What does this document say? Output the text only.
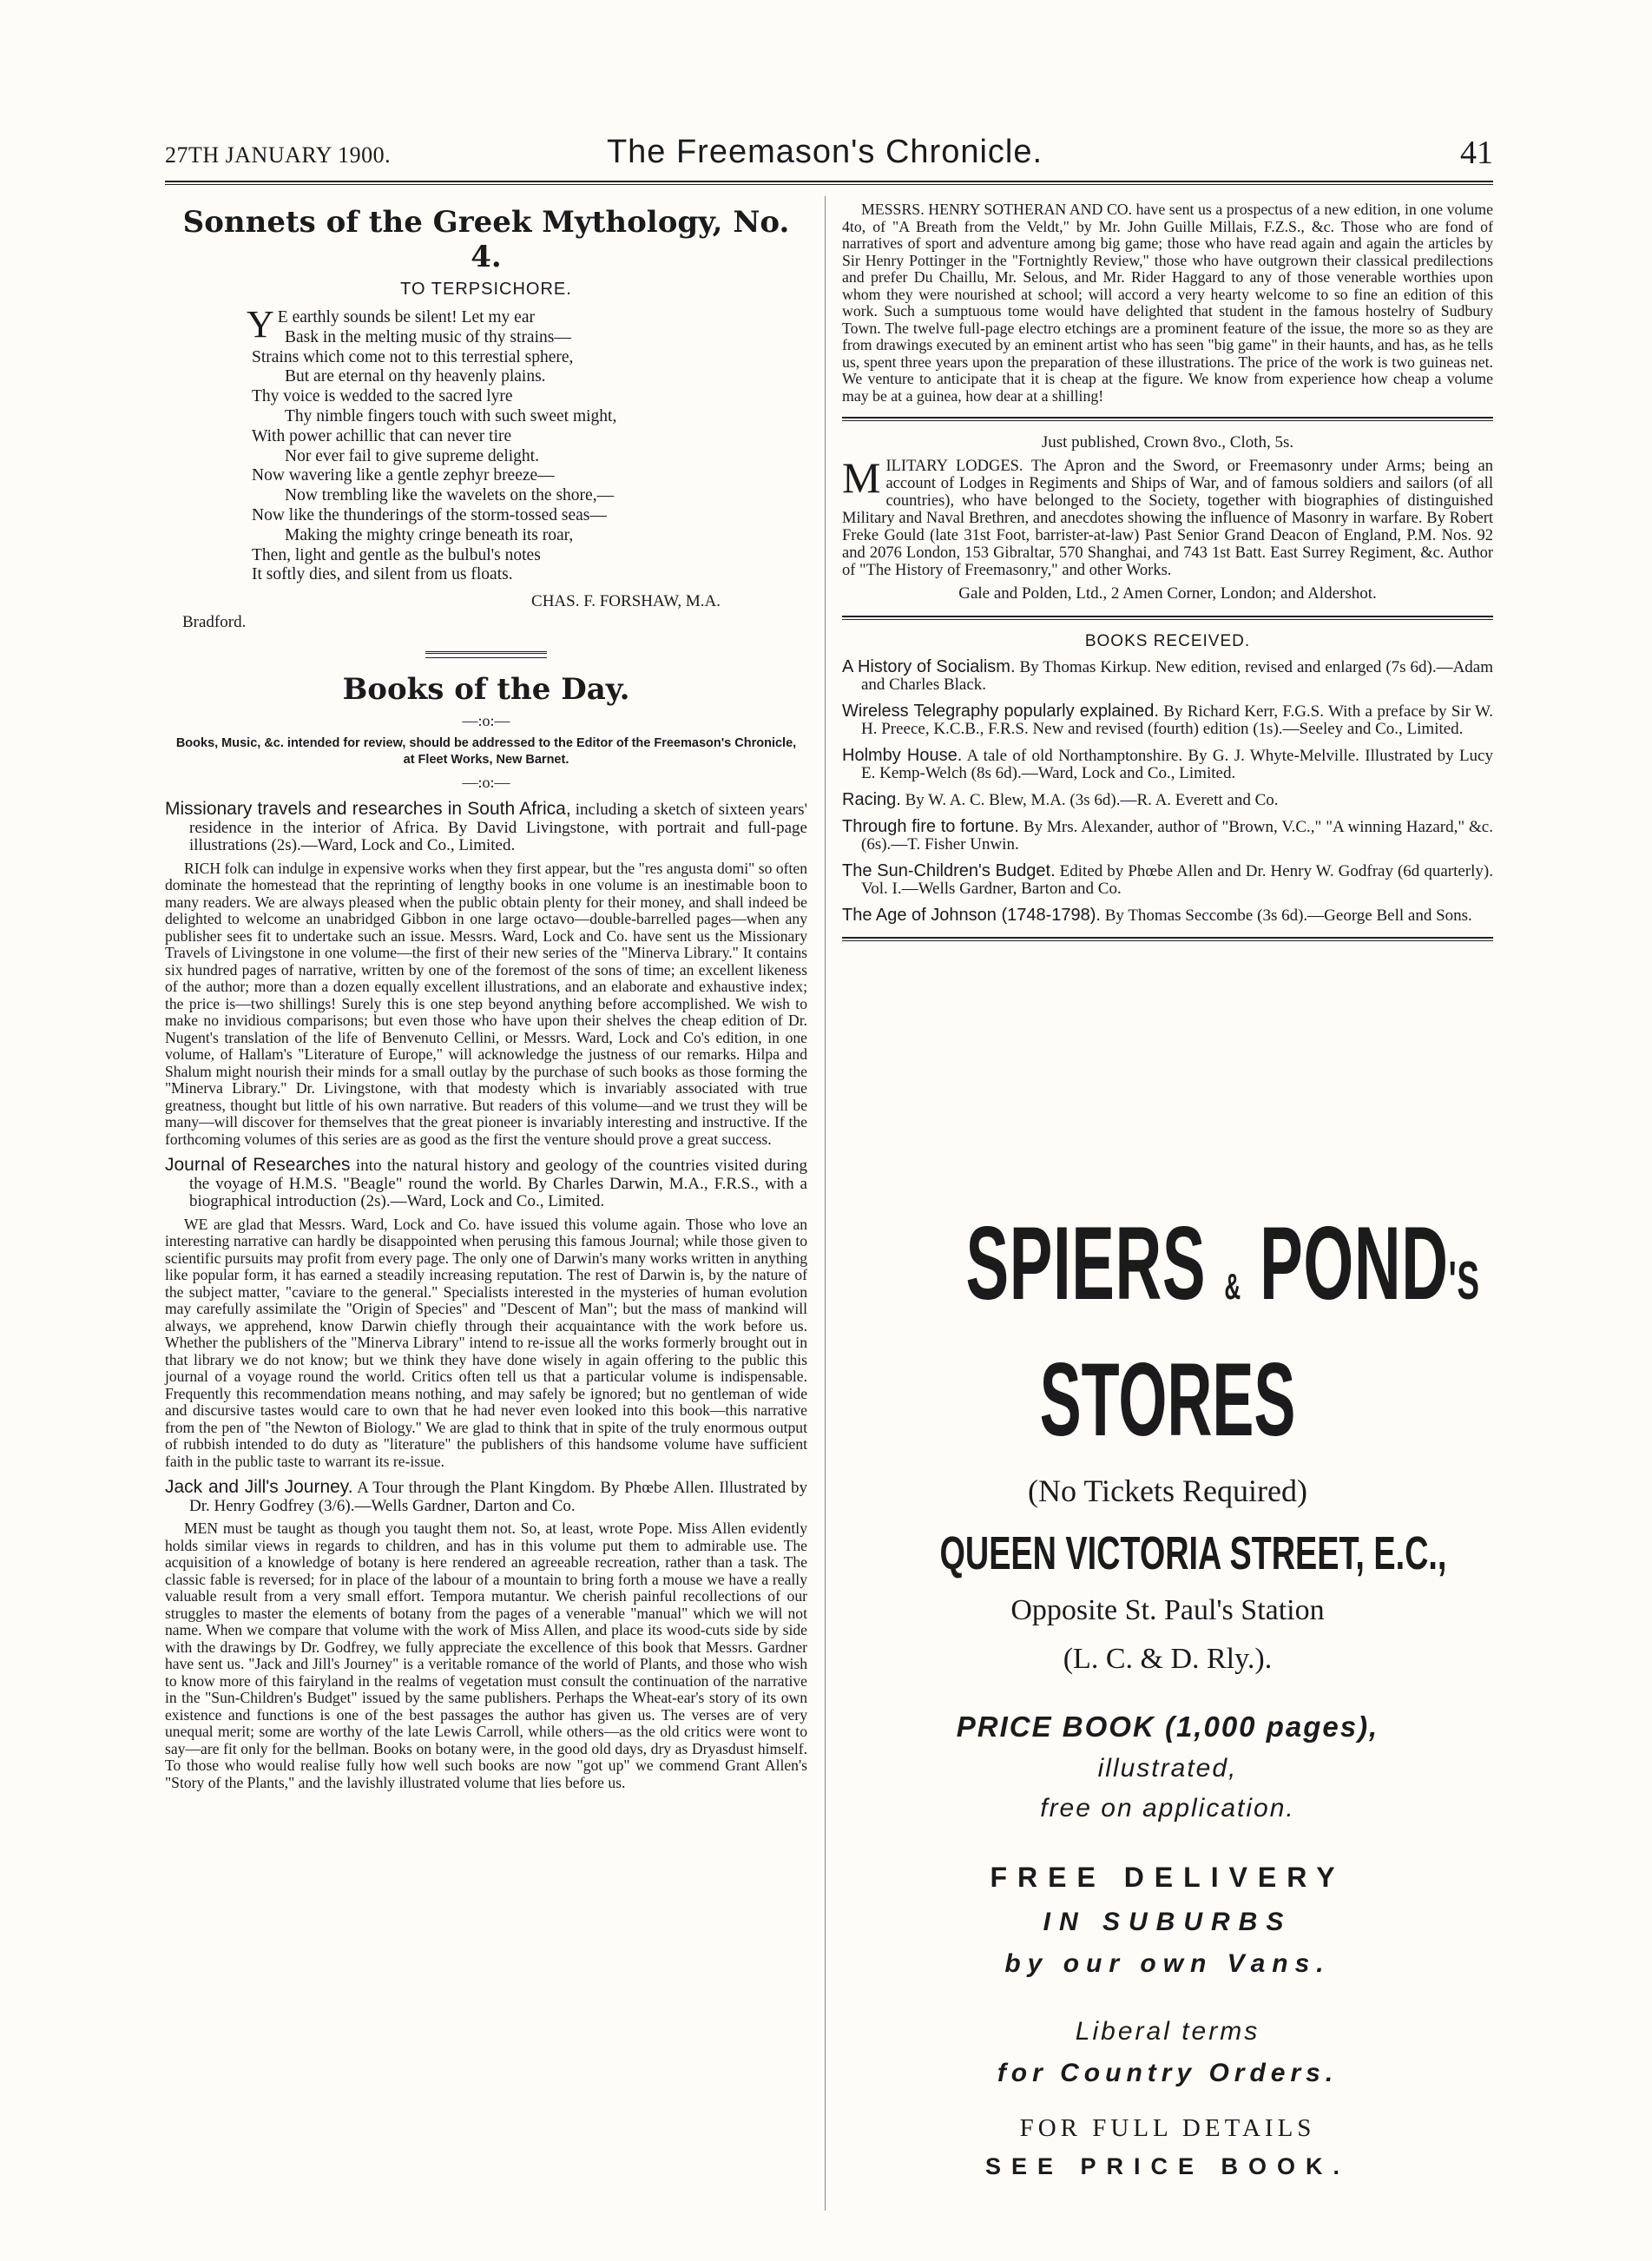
27TH JANUARY 1900.	The Freemason's Chronicle.	41
Sonnets of the Greek Mythology, No. 4.
TO TERPSICHORE.
Y E earthly sounds be silent! Let my ear
Bask in the melting music of thy strains—
Strains which come not to this terrestial sphere,
But are eternal on thy heavenly plains.
Thy voice is wedded to the sacred lyre
Thy nimble fingers touch with such sweet might,
With power achillic that can never tire
Nor ever fail to give supreme delight.
Now wavering like a gentle zephyr breeze—
Now trembling like the wavelets on the shore,—
Now like the thunderings of the storm-tossed seas—
Making the mighty cringe beneath its roar,
Then, light and gentle as the bulbul's notes
It softly dies, and silent from us floats.
CHAS. F. FORSHAW, M.A.
Bradford.
Books of the Day.
—:o:—
Books, Music, &c. intended for review, should be addressed to the Editor of the Freemason's Chronicle, at Fleet Works, New Barnet.
—:o:—
Missionary travels and researches in South Africa, including a sketch of sixteen years' residence in the interior of Africa. By David Livingstone, with portrait and full-page illustrations (2s).—Ward, Lock and Co., Limited.
RICH folk can indulge in expensive works when they first appear, but the "res angusta domi" so often dominate the homestead that the reprinting of lengthy books in one volume is an inestimable boon to many readers. We are always pleased when the public obtain plenty for their money, and shall indeed be delighted to welcome an unabridged Gibbon in one large octavo—double-barrelled pages—when any publisher sees fit to undertake such an issue. Messrs. Ward, Lock and Co. have sent us the Missionary Travels of Livingstone in one volume—the first of their new series of the "Minerva Library." It contains six hundred pages of narrative, written by one of the foremost of the sons of time; an excellent likeness of the author; more than a dozen equally excellent illustrations, and an elaborate and exhaustive index; the price is—two shillings! Surely this is one step beyond anything before accomplished. We wish to make no invidious comparisons; but even those who have upon their shelves the cheap edition of Dr. Nugent's translation of the life of Benvenuto Cellini, or Messrs. Ward, Lock and Co's edition, in one volume, of Hallam's "Literature of Europe," will acknowledge the justness of our remarks. Hilpa and Shalum might nourish their minds for a small outlay by the purchase of such books as those forming the "Minerva Library." Dr. Livingstone, with that modesty which is invariably associated with true greatness, thought but little of his own narrative. But readers of this volume—and we trust they will be many—will discover for themselves that the great pioneer is invariably interesting and instructive. If the forthcoming volumes of this series are as good as the first the venture should prove a great success.
Journal of Researches into the natural history and geology of the countries visited during the voyage of H.M.S. "Beagle" round the world. By Charles Darwin, M.A., F.R.S., with a biographical introduction (2s).—Ward, Lock and Co., Limited.
WE are glad that Messrs. Ward, Lock and Co. have issued this volume again. Those who love an interesting narrative can hardly be disappointed when perusing this famous Journal; while those given to scientific pursuits may profit from every page. The only one of Darwin's many works written in anything like popular form, it has earned a steadily increasing reputation. The rest of Darwin is, by the nature of the subject matter, "caviare to the general." Specialists interested in the mysteries of human evolution may carefully assimilate the "Origin of Species" and "Descent of Man"; but the mass of mankind will always, we apprehend, know Darwin chiefly through their acquaintance with the work before us. Whether the publishers of the "Minerva Library" intend to re-issue all the works formerly brought out in that library we do not know; but we think they have done wisely in again offering to the public this journal of a voyage round the world. Critics often tell us that a particular volume is indispensable. Frequently this recommendation means nothing, and may safely be ignored; but no gentleman of wide and discursive tastes would care to own that he had never even looked into this book—this narrative from the pen of "the Newton of Biology." We are glad to think that in spite of the truly enormous output of rubbish intended to do duty as "literature" the publishers of this handsome volume have sufficient faith in the public taste to warrant its re-issue.
Jack and Jill's Journey. A Tour through the Plant Kingdom. By Phœbe Allen. Illustrated by Dr. Henry Godfrey (3/6).—Wells Gardner, Darton and Co.
MEN must be taught as though you taught them not. So, at least, wrote Pope. Miss Allen evidently holds similar views in regards to children, and has in this volume put them to admirable use. The acquisition of a knowledge of botany is here rendered an agreeable recreation, rather than a task. The classic fable is reversed; for in place of the labour of a mountain to bring forth a mouse we have a really valuable result from a very small effort. Tempora mutantur. We cherish painful recollections of our struggles to master the elements of botany from the pages of a venerable "manual" which we will not name. When we compare that volume with the work of Miss Allen, and place its wood-cuts side by side with the drawings by Dr. Godfrey, we fully appreciate the excellence of this book that Messrs. Gardner have sent us. "Jack and Jill's Journey" is a veritable romance of the world of Plants, and those who wish to know more of this fairyland in the realms of vegetation must consult the continuation of the narrative in the "Sun-Children's Budget" issued by the same publishers. Perhaps the Wheat-ear's story of its own existence and functions is one of the best passages the author has given us. The verses are of very unequal merit; some are worthy of the late Lewis Carroll, while others—as the old critics were wont to say—are fit only for the bellman. Books on botany were, in the good old days, dry as Dryasdust himself. To those who would realise fully how well such books are now "got up" we commend Grant Allen's "Story of the Plants," and the lavishly illustrated volume that lies before us.
MESSRS. HENRY SOTHERAN AND CO. have sent us a prospectus of a new edition, in one volume 4to, of "A Breath from the Veldt," by Mr. John Guille Millais, F.Z.S., &c. Those who are fond of narratives of sport and adventure among big game; those who have read again and again the articles by Sir Henry Pottinger in the "Fortnightly Review," those who have outgrown their classical predilections and prefer Du Chaillu, Mr. Selous, and Mr. Rider Haggard to any of those venerable worthies upon whom they were nourished at school; will accord a very hearty welcome to so fine an edition of this work. Such a sumptuous tome would have delighted that student in the famous hostelry of Sudbury Town. The twelve full-page electro etchings are a prominent feature of the issue, the more so as they are from drawings executed by an eminent artist who has seen "big game" in their haunts, and has, as he tells us, spent three years upon the preparation of these illustrations. The price of the work is two guineas net. We venture to anticipate that it is cheap at the figure. We know from experience how cheap a volume may be at a guinea, how dear at a shilling!
Just published, Crown 8vo., Cloth, 5s.
MILITARY LODGES. The Apron and the Sword, or Freemasonry under Arms; being an account of Lodges in Regiments and Ships of War, and of famous soldiers and sailors (of all countries), who have belonged to the Society, together with biographies of distinguished Military and Naval Brethren, and anecdotes showing the influence of Masonry in warfare. By Robert Freke Gould (late 31st Foot, barrister-at-law) Past Senior Grand Deacon of England, P.M. Nos. 92 and 2076 London, 153 Gibraltar, 570 Shanghai, and 743 1st Batt. East Surrey Regiment, &c. Author of "The History of Freemasonry," and other Works.
Gale and Polden, Ltd., 2 Amen Corner, London; and Aldershot.
BOOKS RECEIVED.
A History of Socialism. By Thomas Kirkup. New edition, revised and enlarged (7s 6d).—Adam and Charles Black.
Wireless Telegraphy popularly explained. By Richard Kerr, F.G.S. With a preface by Sir W. H. Preece, K.C.B., F.R.S. New and revised (fourth) edition (1s).—Seeley and Co., Limited.
Holmby House. A tale of old Northamptonshire. By G. J. Whyte-Melville. Illustrated by Lucy E. Kemp-Welch (8s 6d).—Ward, Lock and Co., Limited.
Racing. By W. A. C. Blew, M.A. (3s 6d).—R. A. Everett and Co.
Through fire to fortune. By Mrs. Alexander, author of "Brown, V.C.," "A winning Hazard," &c. (6s).—T. Fisher Unwin.
The Sun-Children's Budget. Edited by Phœbe Allen and Dr. Henry W. Godfray (6d quarterly). Vol. I.—Wells Gardner, Barton and Co.
The Age of Johnson (1748-1798). By Thomas Seccombe (3s 6d).—George Bell and Sons.
SPIERS & POND'S
STORES
(No Tickets Required)
QUEEN VICTORIA STREET, E.C.,
Opposite St. Paul's Station
(L. C. & D. Rly.).
PRICE BOOK (1,000 pages),
illustrated,
free on application.
FREE DELIVERY
IN SUBURBS
by our own Vans.
Liberal terms
for Country Orders.
FOR FULL DETAILS
SEE PRICE BOOK.
